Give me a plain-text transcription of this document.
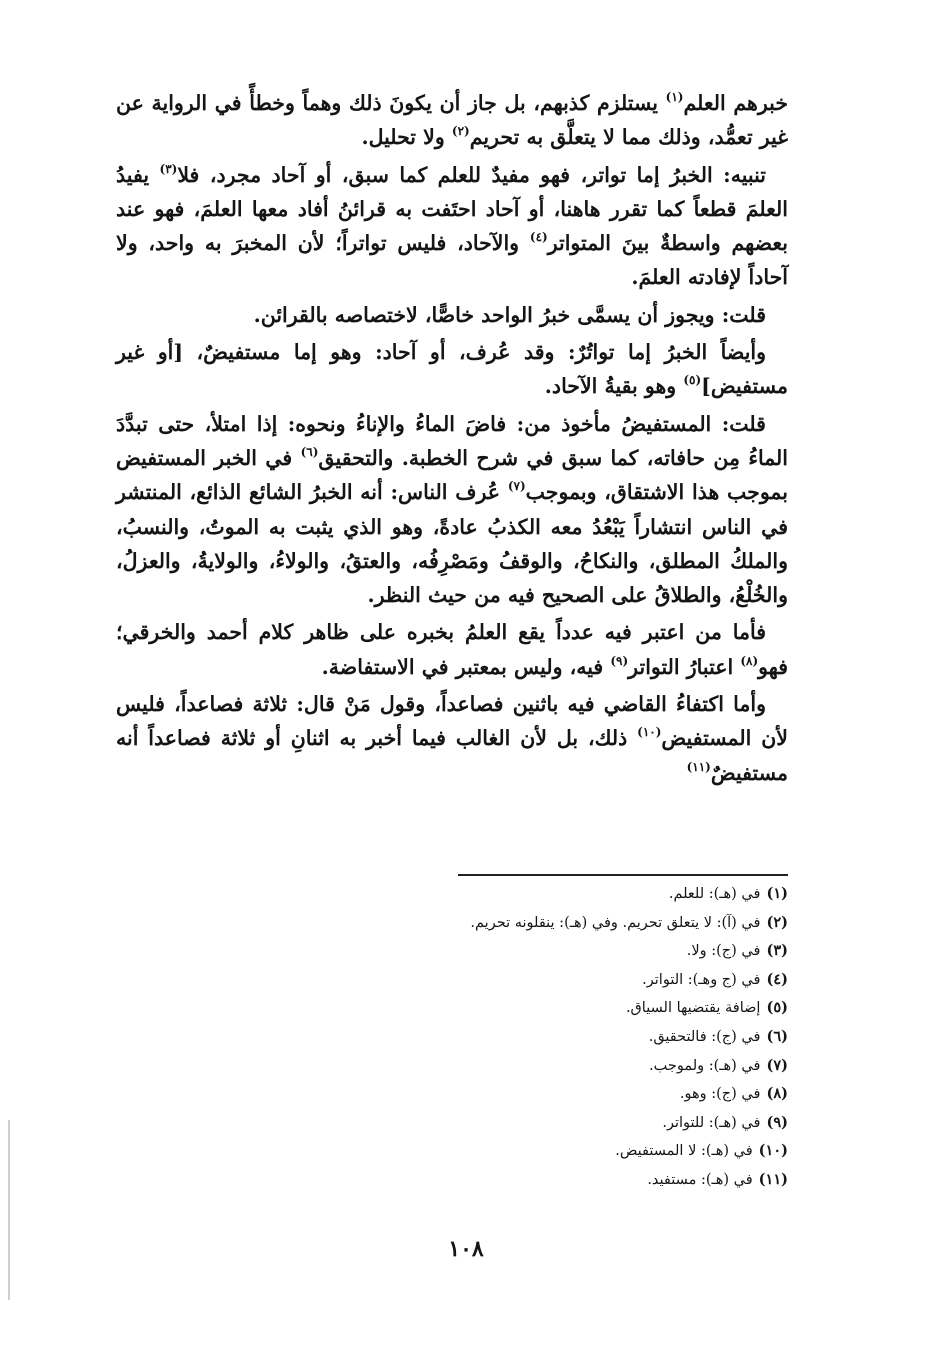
خبرهم العلم$^{(١)}$ يستلزم كذبهم، بل جاز أن يكونَ ذلك وهماً وخطأً في الرواية عن غير تعمُّد، وذلك مما لا يتعلَّق به تحريم$^{(٢)}$ ولا تحليل.

تنبيه: الخبرُ إما تواتر، فهو مفيدٌ للعلم كما سبق، أو آحاد مجرد، فلا$^{(٣)}$ يفيدُ العلمَ قطعاً كما تقرر هاهنا، أو آحاد احتَفت به قرائنُ أفاد معها العلمَ، فهو عند بعضهم واسطةٌ بينَ المتواتر$^{(٤)}$ والآحاد، فليس تواتراً؛ لأن المخبرَ به واحد، ولا آحاداً لإفادته العلمَ.

قلت: ويجوز أن يسمَّى خبرُ الواحد خاصًّا، لاختصاصه بالقرائن.

وأيضاً الخبرُ إما تواتُرٌ: وقد عُرف، أو آحاد: وهو إما مستفيضٌ، [أو غير مستفيض]$^{(٥)}$ وهو بقيةُ الآحاد.

قلت: المستفيضُ مأخوذ من: فاضَ الماءُ والإناءُ ونحوه: إذا امتلأ، حتى تبدَّدَ الماءُ مِن حافاته، كما سبق في شرح الخطبة. والتحقيق$^{(٦)}$ في الخبر المستفيض بموجب هذا الاشتقاق، وبموجب$^{(٧)}$ عُرف الناس: أنه الخبرُ الشائع الذائع، المنتشر في الناس انتشاراً يَبْعُدُ معه الكذبُ عادةً، وهو الذي يثبت به الموتُ، والنسبُ، والملكُ المطلق، والنكاحُ، والوقفُ ومَصْرِفُه، والعتقُ، والولاءُ، والولايةُ، والعزلُ، والخُلْعُ، والطلاقُ على الصحيح فيه من حيث النظر.

فأما من اعتبر فيه عدداً يقع العلمُ بخبره على ظاهر كلام أحمد والخرقي؛ فهو$^{(٨)}$ اعتبارُ التواتر$^{(٩)}$ فيه، وليس بمعتبر في الاستفاضة.

وأما اكتفاءُ القاضي فيه باثنين فصاعداً، وقول مَنْ قال: ثلاثة فصاعداً، فليس لأن المستفيض$^{(١٠)}$ ذلك، بل لأن الغالب فيما أخبر به اثنانِ أو ثلاثة فصاعداً أنه مستفيضٌ$^{(١١)}$

(١)في (هـ): للعلم.
(٢)في (آ): لا يتعلق تحريم. وفي (هـ): ينقلونه تحريم.
(٣)في (ج): ولا.
(٤)في (ج وهـ): التواتر.
(٥)إضافة يقتضيها السياق.
(٦)في (ج): فالتحقيق.
(٧)في (هـ): ولموجب.
(٨)في (ج): وهو.
(٩)في (هـ): للتواتر.
(١٠)في (هـ): لا المستفيض.
(١١)في (هـ): مستفيد.
١٠٨
